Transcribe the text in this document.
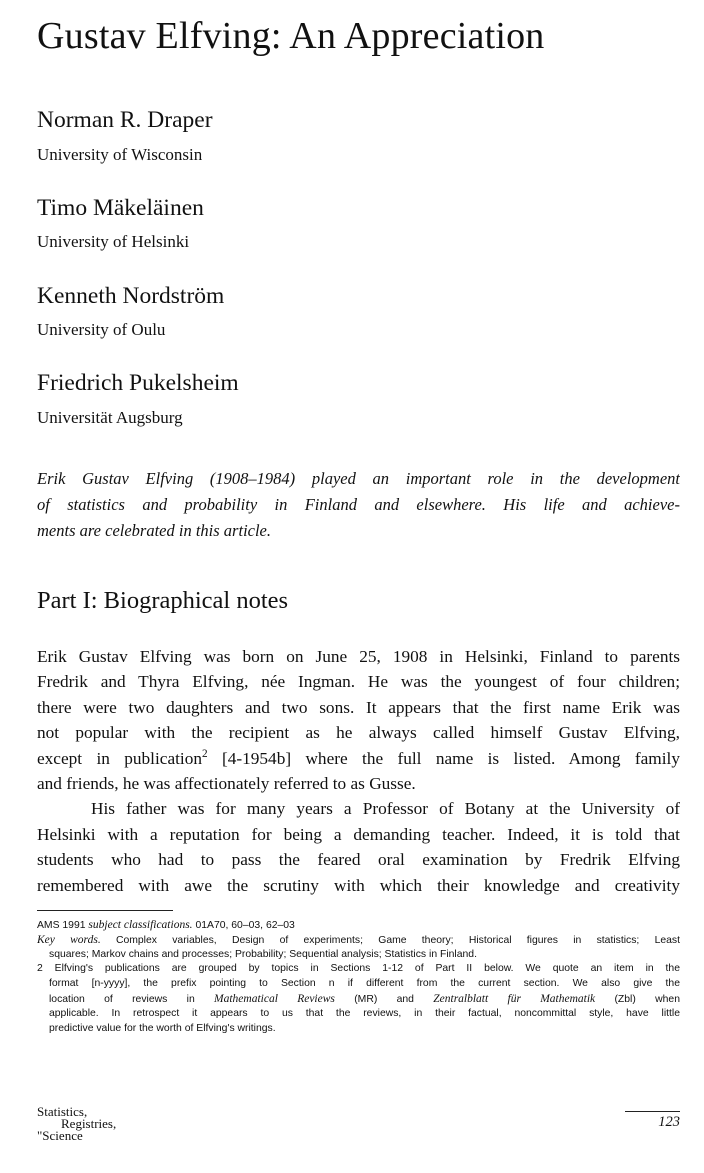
Gustav Elfving: An Appreciation
Norman R. Draper
University of Wisconsin
Timo Mäkeläinen
University of Helsinki
Kenneth Nordström
University of Oulu
Friedrich Pukelsheim
Universität Augsburg
Erik Gustav Elfving (1908–1984) played an important role in the development
of statistics and probability in Finland and elsewhere. His life and achieve-
ments are celebrated in this article.
Part I: Biographical notes
Erik Gustav Elfving was born on June 25, 1908 in Helsinki, Finland to parents
Fredrik and Thyra Elfving, née Ingman. He was the youngest of four children;
there were two daughters and two sons. It appears that the first name Erik was
not popular with the recipient as he always called himself Gustav Elfving,
except in publication$^2$ [4-1954b] where the full name is listed. Among family
and friends, he was affectionately referred to as Gusse.
His father was for many years a Professor of Botany at the University of
Helsinki with a reputation for being a demanding teacher. Indeed, it is told that
students who had to pass the feared oral examination by Fredrik Elfving
remembered with awe the scrutiny with which their knowledge and creativity
AMS 1991 subject classifications. 01A70, 60–03, 62–03
Key words. Complex variables, Design of experiments; Game theory; Historical figures in statistics; Least
squares; Markov chains and processes; Probability; Sequential analysis; Statistics in Finland.
2 Elfving's publications are grouped by topics in Sections 1-12 of Part II below. We quote an item in the
format [n-yyyy], the prefix pointing to Section n if different from the current section. We also give the
location of reviews in Mathematical Reviews (MR) and Zentralblatt für Mathematik (Zbl) when
applicable. In retrospect it appears to us that the reviews, in their factual, noncommittal style, have little
predictive value for the worth of Elfving's writings.
Statistics,
Registries,
"Science
123
